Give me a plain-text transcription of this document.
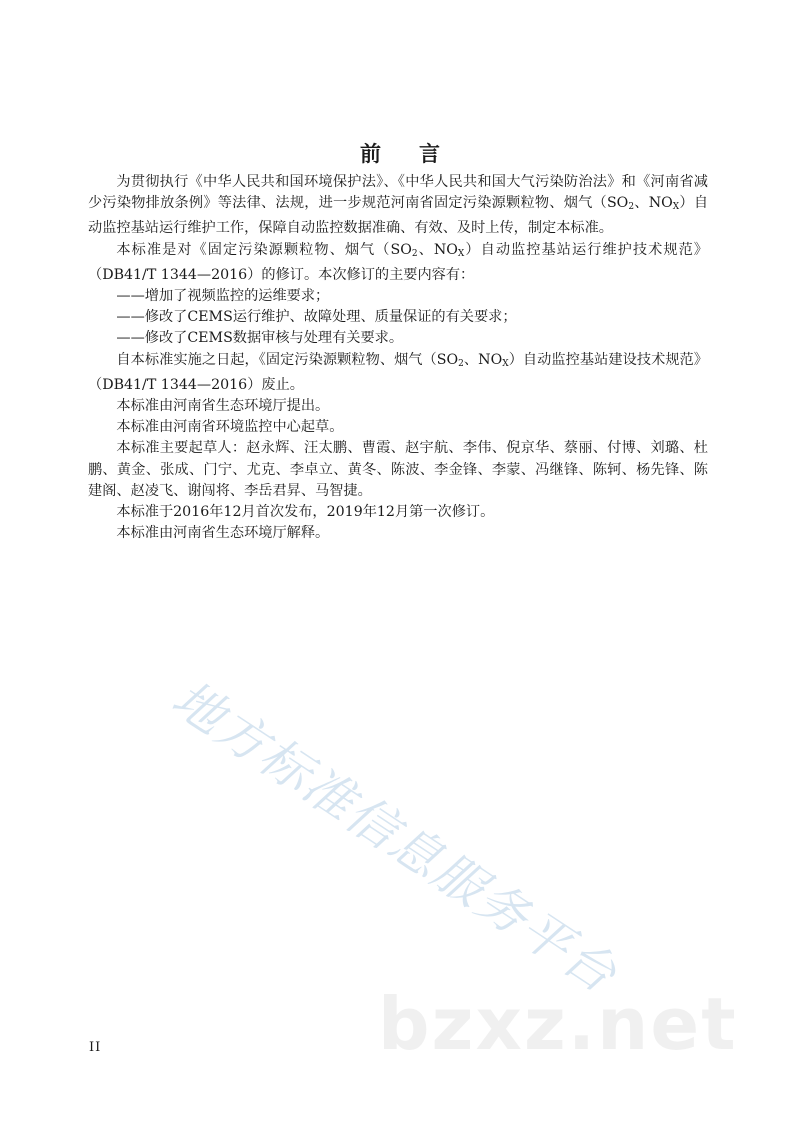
前 言

为贯彻执行《中华人民共和国环境保护法》、《中华人民共和国大气污染防治法》和《河南省减少污染物排放条例》等法律、法规，进一步规范河南省固定污染源颗粒物、烟气（$SO_2$、$NO_X$）自动监控基站运行维护工作，保障自动监控数据准确、有效、及时上传，制定本标准。

本标准是对《固定污染源颗粒物、烟气（$SO_2$、$NO_X$）自动监控基站运行维护技术规范》（DB41/T 1344—2016）的修订。本次修订的主要内容有：

——增加了视频监控的运维要求；

——修改了CEMS运行维护、故障处理、质量保证的有关要求；

——修改了CEMS数据审核与处理有关要求。

自本标准实施之日起，《固定污染源颗粒物、烟气（$SO_2$、$NO_X$）自动监控基站建设技术规范》（DB41/T 1344—2016）废止。

本标准由河南省生态环境厅提出。

本标准由河南省环境监控中心起草。

本标准主要起草人：赵永辉、汪太鹏、曹霞、赵宇航、李伟、倪京华、蔡丽、付博、刘璐、杜鹏、黄金、张成、门宁、尤克、李卓立、黄冬、陈波、李金锋、李蒙、冯继锋、陈轲、杨先锋、陈建阁、赵凌飞、谢闯将、李岳君昇、马智捷。

本标准于2016年12月首次发布，2019年12月第一次修订。

本标准由河南省生态环境厅解释。

地方标准信息服务平台
bzxz.net
II
